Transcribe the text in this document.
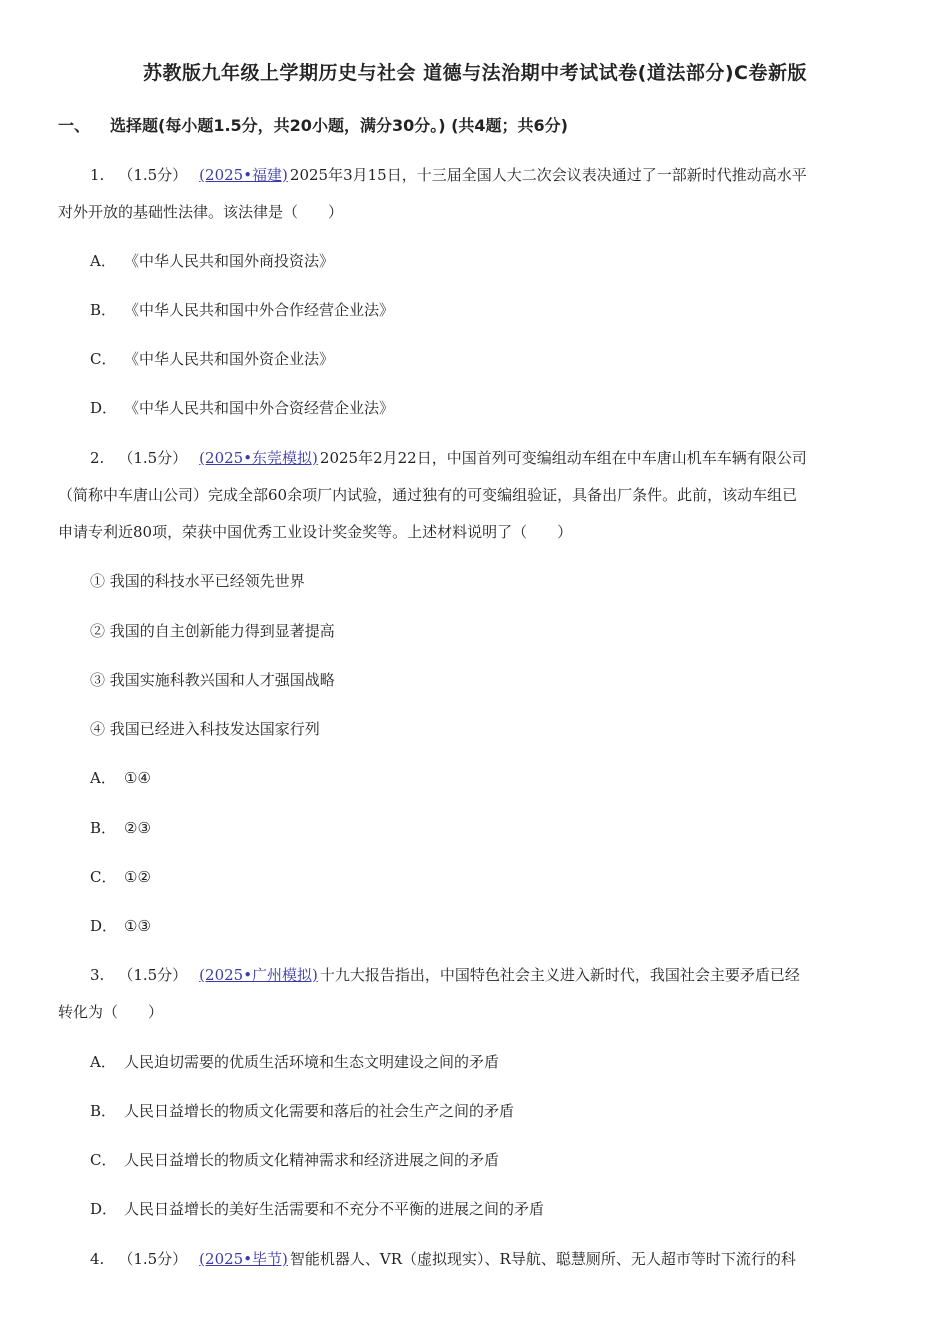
苏教版九年级上学期历史与社会 道德与法治期中考试试卷(道法部分)C卷新版
一、 选择题(每小题1.5分，共20小题，满分30分。) (共4题；共6分)
1. （1.5分） (2025•福建) 2025年3月15日，十三届全国人大二次会议表决通过了一部新时代推动高水平
对外开放的基础性法律。该法律是（　　）
A． 《中华人民共和国外商投资法》
B． 《中华人民共和国中外合作经营企业法》
C． 《中华人民共和国外资企业法》
D． 《中华人民共和国中外合资经营企业法》
2. （1.5分） (2025•东莞模拟) 2025年2月22日，中国首列可变编组动车组在中车唐山机车车辆有限公司
（简称中车唐山公司）完成全部60余项厂内试验，通过独有的可变编组验证，具备出厂条件。此前，该动车组已
申请专利近80项，荣获中国优秀工业设计奖金奖等。上述材料说明了（　　）
① 我国的科技水平已经领先世界
② 我国的自主创新能力得到显著提高
③ 我国实施科教兴国和人才强国战略
④ 我国已经进入科技发达国家行列
A． ①④
B． ②③
C． ①②
D． ①③
3. （1.5分） (2025•广州模拟) 十九大报告指出，中国特色社会主义进入新时代，我国社会主要矛盾已经
转化为（　　）
A． 人民迫切需要的优质生活环境和生态文明建设之间的矛盾
B． 人民日益增长的物质文化需要和落后的社会生产之间的矛盾
C． 人民日益增长的物质文化精神需求和经济进展之间的矛盾
D． 人民日益增长的美好生活需要和不充分不平衡的进展之间的矛盾
4. （1.5分） (2025•毕节) 智能机器人、VR（虚拟现实）、R导航、聪慧厕所、无人超市等时下流行的科
